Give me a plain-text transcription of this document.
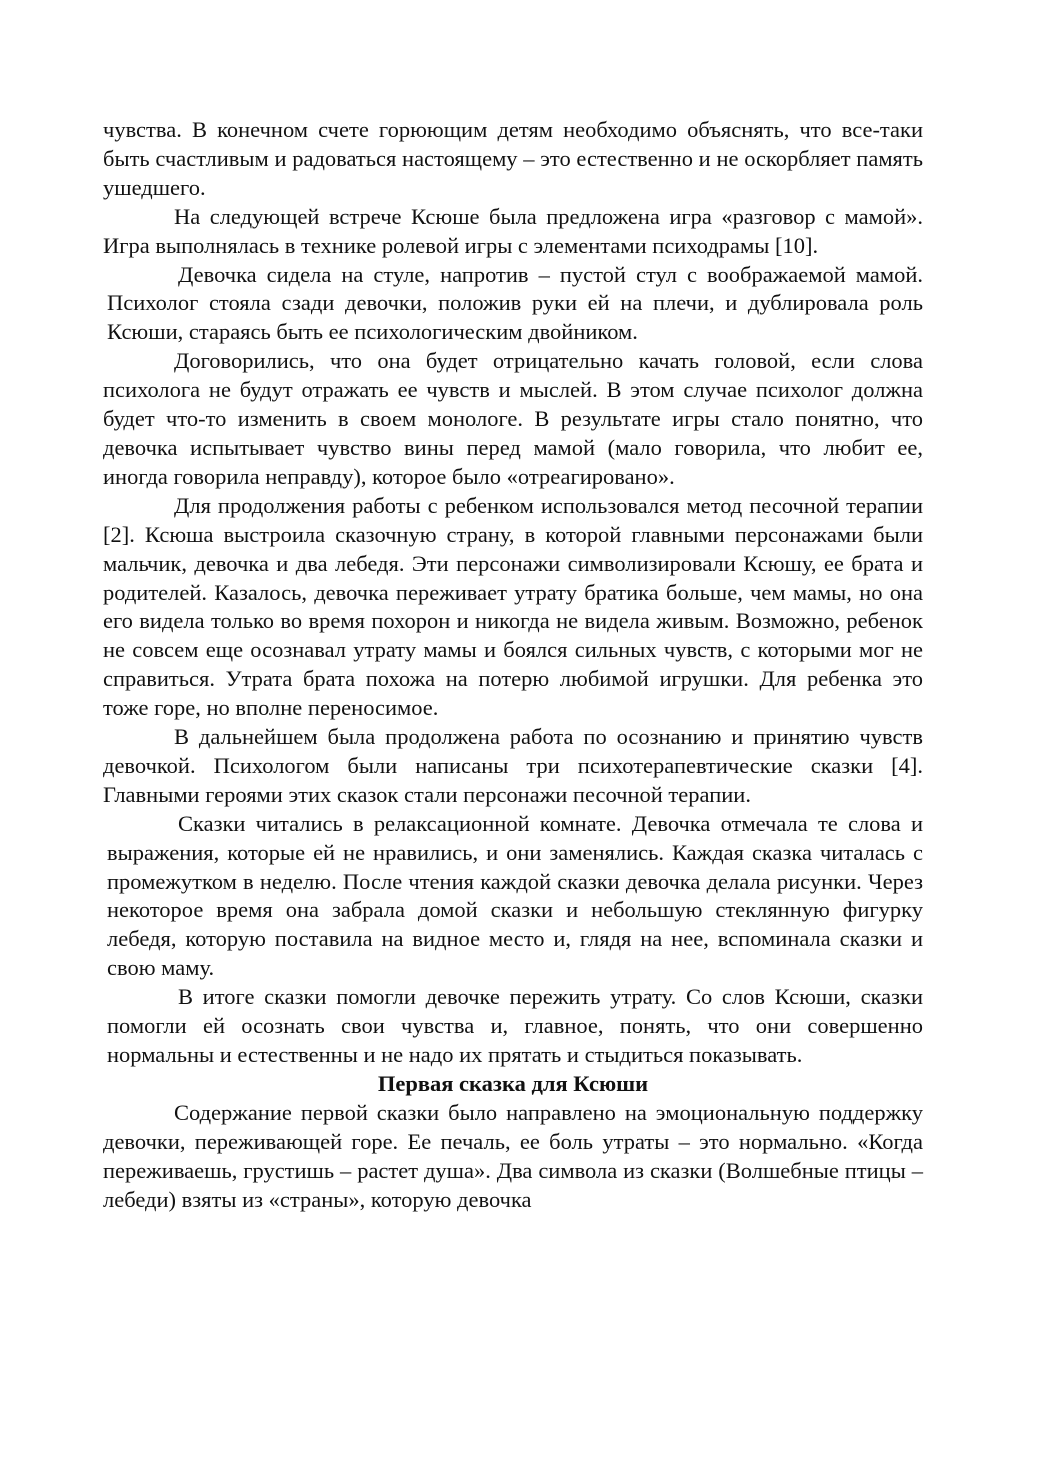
чувства. В конечном счете горюющим детям необходимо объяснять, что все-таки быть счастливым и радоваться настоящему – это естественно и не оскорбляет память ушедшего.

На следующей встрече Ксюше была предложена игра «разговор с мамой». Игра выполнялась в технике ролевой игры с элементами психодрамы [10].

Девочка сидела на стуле, напротив – пустой стул с воображаемой мамой. Психолог стояла сзади девочки, положив руки ей на плечи, и дублировала роль Ксюши, стараясь быть ее психологическим двойником.

Договорились, что она будет отрицательно качать головой, если слова психолога не будут отражать ее чувств и мыслей. В этом случае психолог должна будет что-то изменить в своем монологе. В результате игры стало понятно, что девочка испытывает чувство вины перед мамой (мало говорила, что любит ее, иногда говорила неправду), которое было «отреагировано».

Для продолжения работы с ребенком использовался метод песочной терапии [2]. Ксюша выстроила сказочную страну, в которой главными персонажами были мальчик, девочка и два лебедя. Эти персонажи символизировали Ксюшу, ее брата и родителей. Казалось, девочка переживает утрату братика больше, чем мамы, но она его видела только во время похорон и никогда не видела живым. Возможно, ребенок не совсем еще осознавал утрату мамы и боялся сильных чувств, с которыми мог не справиться. Утрата брата похожа на потерю любимой игрушки. Для ребенка это тоже горе, но вполне переносимое.

В дальнейшем была продолжена работа по осознанию и принятию чувств девочкой. Психологом были написаны три психотерапевтические сказки [4]. Главными героями этих сказок стали персонажи песочной терапии.

Сказки читались в релаксационной комнате. Девочка отмечала те слова и выражения, которые ей не нравились, и они заменялись. Каждая сказка читалась с промежутком в неделю. После чтения каждой сказки девочка делала рисунки. Через некоторое время она забрала домой сказки и небольшую стеклянную фигурку лебедя, которую поставила на видное место и, глядя на нее, вспоминала сказки и свою маму.

В итоге сказки помогли девочке пережить утрату. Со слов Ксюши, сказки помогли ей осознать свои чувства и, главное, понять, что они совершенно нормальны и естественны и не надо их прятать и стыдиться показывать.

Первая сказка для Ксюши

Содержание первой сказки было направлено на эмоциональную поддержку девочки, переживающей горе. Ее печаль, ее боль утраты – это нормально. «Когда переживаешь, грустишь – растет душа». Два символа из сказки (Волшебные птицы – лебеди) взяты из «страны», которую девочка
